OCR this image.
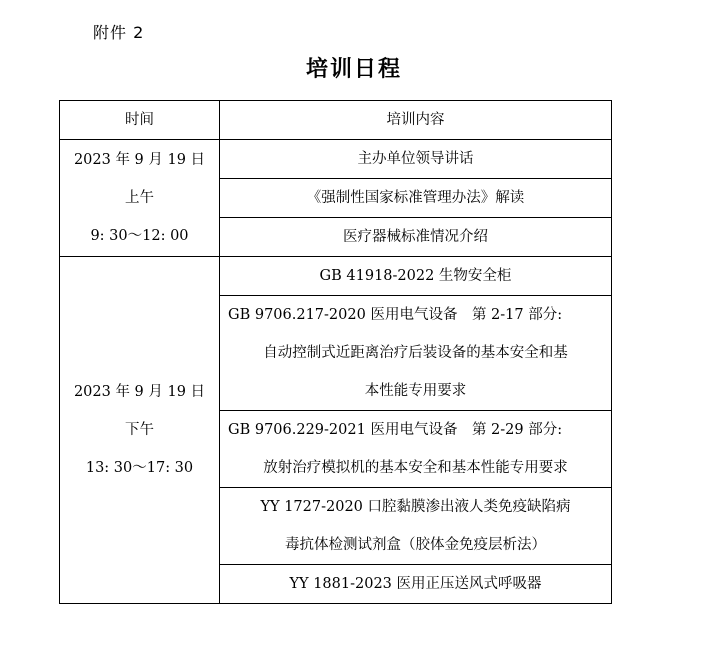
附件 2
培训日程
时间	培训内容

2023 年 9 月 19 日
上午
9: 30～12: 00	主办单位领导讲话
	《强制性国家标准管理办法》解读
	医疗器械标准情况介绍

2023 年 9 月 19 日
下午
13: 30～17: 30	GB 41918-2022 生物安全柜

	GB 9706.217-2020 医用电气设备　第 2-17 部分:
自动控制式近距离治疗后装设备的基本安全和基
本性能专用要求

	GB 9706.229-2021 医用电气设备　第 2-29 部分:
放射治疗模拟机的基本安全和基本性能专用要求

	YY 1727-2020 口腔黏膜渗出液人类免疫缺陷病
毒抗体检测试剂盒（胶体金免疫层析法）

	YY 1881-2023 医用正压送风式呼吸器
